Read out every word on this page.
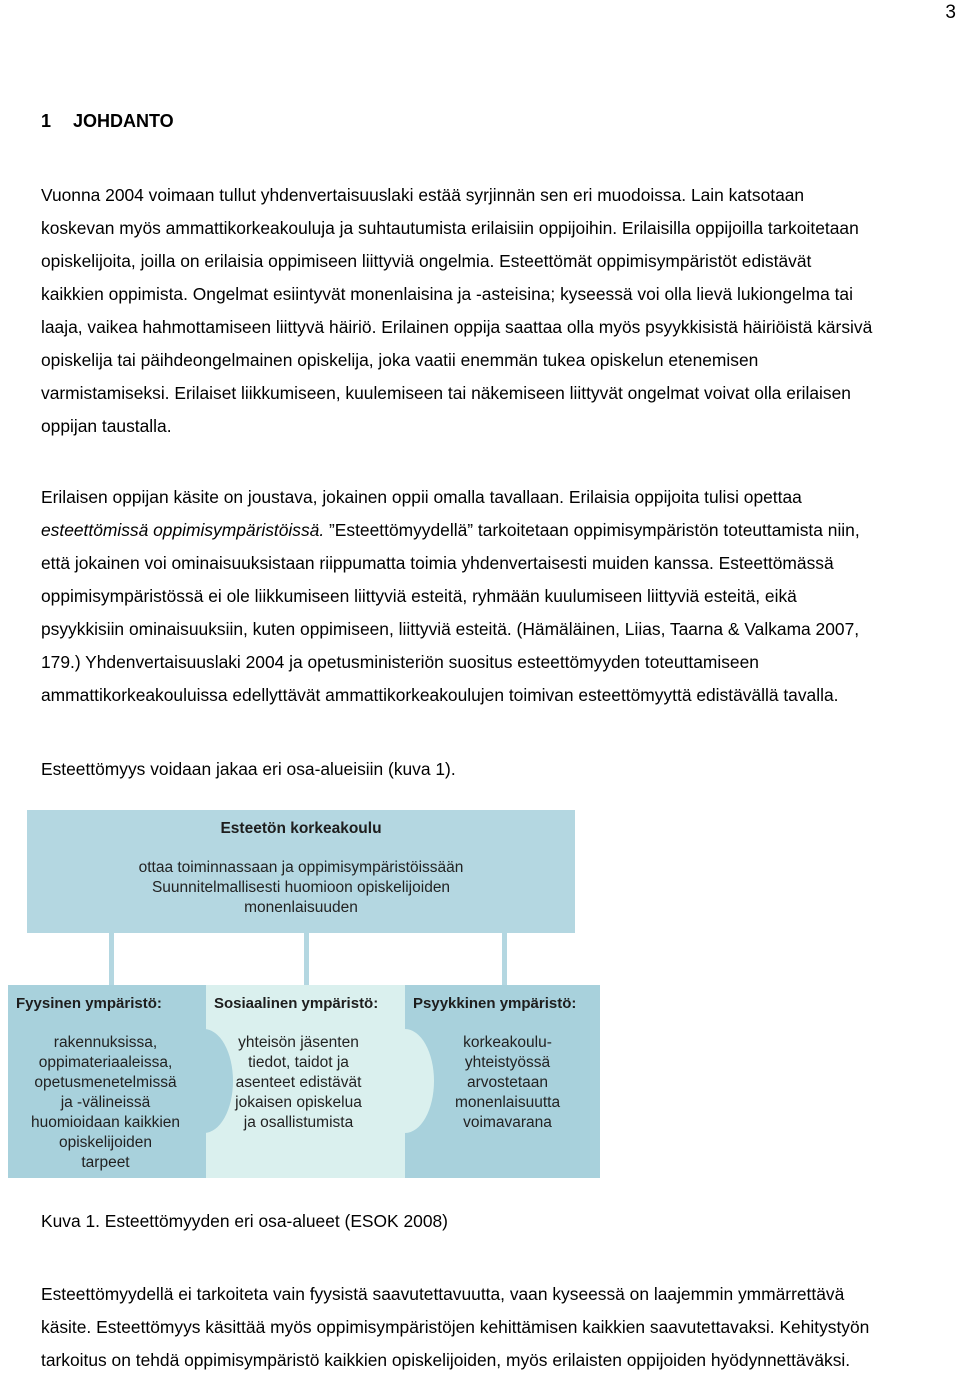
3
1 JOHDANTO

Vuonna 2004 voimaan tullut yhdenvertaisuuslaki estää syrjinnän sen eri muodoissa. Lain katsotaan
koskevan myös ammattikorkeakouluja ja suhtautumista erilaisiin oppijoihin. Erilaisilla oppijoilla tarkoitetaan
opiskelijoita, joilla on erilaisia oppimiseen liittyviä ongelmia. Esteettömät oppimisympäristöt edistävät
kaikkien oppimista. Ongelmat esiintyvät monenlaisina ja -asteisina; kyseessä voi olla lievä lukiongelma tai
laaja, vaikea hahmottamiseen liittyvä häiriö. Erilainen oppija saattaa olla myös psyykkisistä häiriöistä kärsivä
opiskelija tai päihdeongelmainen opiskelija, joka vaatii enemmän tukea opiskelun etenemisen
varmistamiseksi. Erilaiset liikkumiseen, kuulemiseen tai näkemiseen liittyvät ongelmat voivat olla erilaisen
oppijan taustalla.

Erilaisen oppijan käsite on joustava, jokainen oppii omalla tavallaan. Erilaisia oppijoita tulisi opettaa
esteettömissä oppimisympäristöissä. ”Esteettömyydellä” tarkoitetaan oppimisympäristön toteuttamista niin,
että jokainen voi ominaisuuksistaan riippumatta toimia yhdenvertaisesti muiden kanssa. Esteettömässä
oppimisympäristössä ei ole liikkumiseen liittyviä esteitä, ryhmään kuulumiseen liittyviä esteitä, eikä
psyykkisiin ominaisuuksiin, kuten oppimiseen, liittyviä esteitä. (Hämäläinen, Liias, Taarna & Valkama 2007,
179.) Yhdenvertaisuuslaki 2004 ja opetusministeriön suositus esteettömyyden toteuttamiseen
ammattikorkeakouluissa edellyttävät ammattikorkeakoulujen toimivan esteettömyyttä edistävällä tavalla.

Esteettömyys voidaan jakaa eri osa-alueisiin (kuva 1).

Esteetön korkeakoulu
ottaa toiminnassaan ja oppimisympäristöissään
Suunnitelmallisesti huomioon opiskelijoiden
monenlaisuuden
Fyysinen ympäristö:
rakennuksissa,
oppimateriaaleissa,
opetusmenetelmissä
ja -välineissä
huomioidaan kaikkien
opiskelijoiden
tarpeet
Sosiaalinen ympäristö:
yhteisön jäsenten
tiedot, taidot ja
asenteet edistävät
jokaisen opiskelua
ja osallistumista
Psyykkinen ympäristö:
korkeakoulu-
yhteistyössä
arvostetaan
monenlaisuutta
voimavarana

Kuva 1. Esteettömyyden eri osa-alueet (ESOK 2008)

Esteettömyydellä ei tarkoiteta vain fyysistä saavutettavuutta, vaan kyseessä on laajemmin ymmärrettävä
käsite. Esteettömyys käsittää myös oppimisympäristöjen kehittämisen kaikkien saavutettavaksi. Kehitystyön
tarkoitus on tehdä oppimisympäristö kaikkien opiskelijoiden, myös erilaisten oppijoiden hyödynnettäväksi.
